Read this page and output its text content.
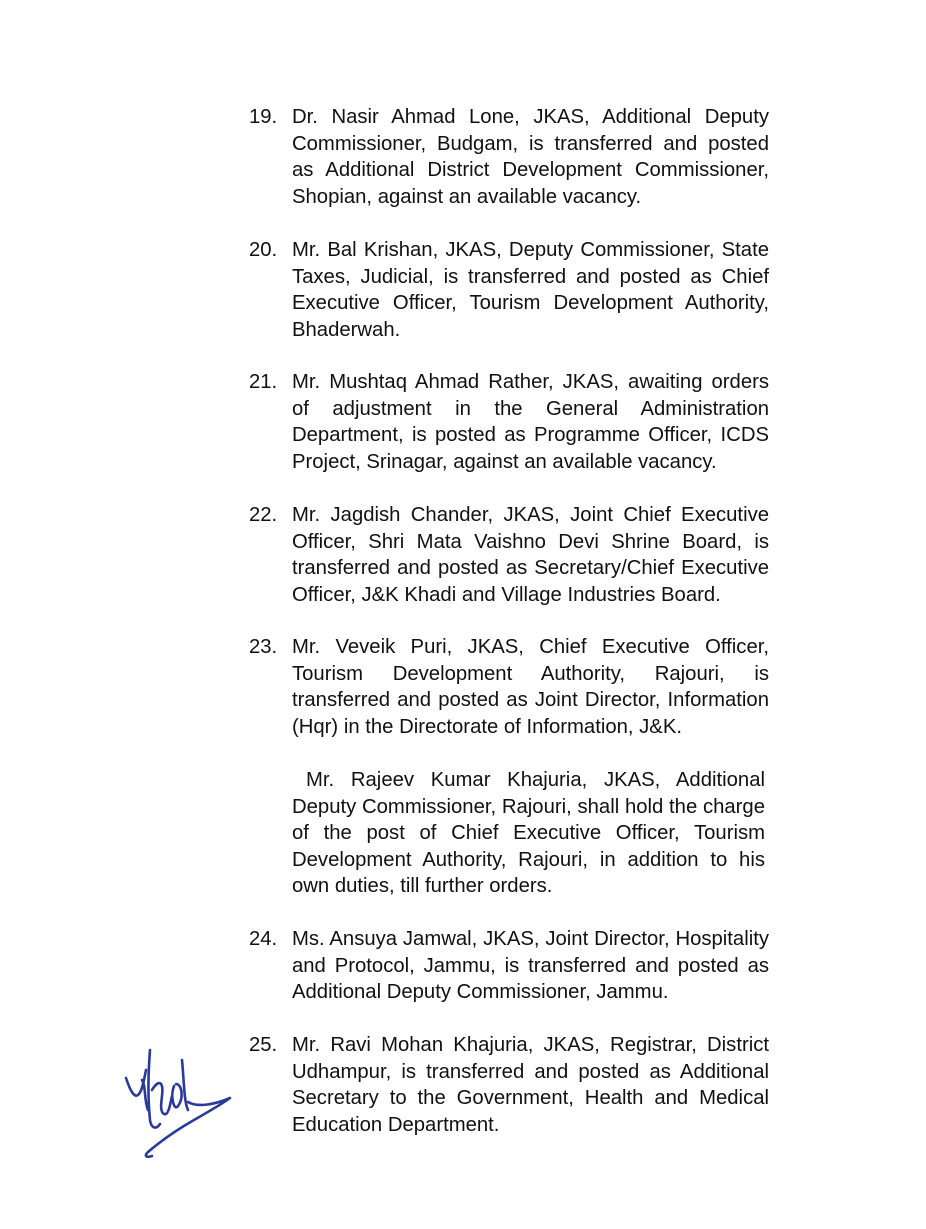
19. Dr. Nasir Ahmad Lone, JKAS, Additional Deputy Commissioner, Budgam, is transferred and posted as Additional District Development Commissioner, Shopian, against an available vacancy.
20. Mr. Bal Krishan, JKAS, Deputy Commissioner, State Taxes, Judicial, is transferred and posted as Chief Executive Officer, Tourism Development Authority, Bhaderwah.
21. Mr. Mushtaq Ahmad Rather, JKAS, awaiting orders of adjustment in the General Administration Department, is posted as Programme Officer, ICDS Project, Srinagar, against an available vacancy.
22. Mr. Jagdish Chander, JKAS, Joint Chief Executive Officer, Shri Mata Vaishno Devi Shrine Board, is transferred and posted as Secretary/Chief Executive Officer, J&K Khadi and Village Industries Board.
23. Mr. Veveik Puri, JKAS, Chief Executive Officer, Tourism Development Authority, Rajouri, is transferred and posted as Joint Director, Information (Hqr) in the Directorate of Information, J&K.
Mr. Rajeev Kumar Khajuria, JKAS, Additional Deputy Commissioner, Rajouri, shall hold the charge of the post of Chief Executive Officer, Tourism Development Authority, Rajouri, in addition to his own duties, till further orders.
24. Ms. Ansuya Jamwal, JKAS, Joint Director, Hospitality and Protocol, Jammu, is transferred and posted as Additional Deputy Commissioner, Jammu.
25. Mr. Ravi Mohan Khajuria, JKAS, Registrar, District Udhampur, is transferred and posted as Additional Secretary to the Government, Health and Medical Education Department.
